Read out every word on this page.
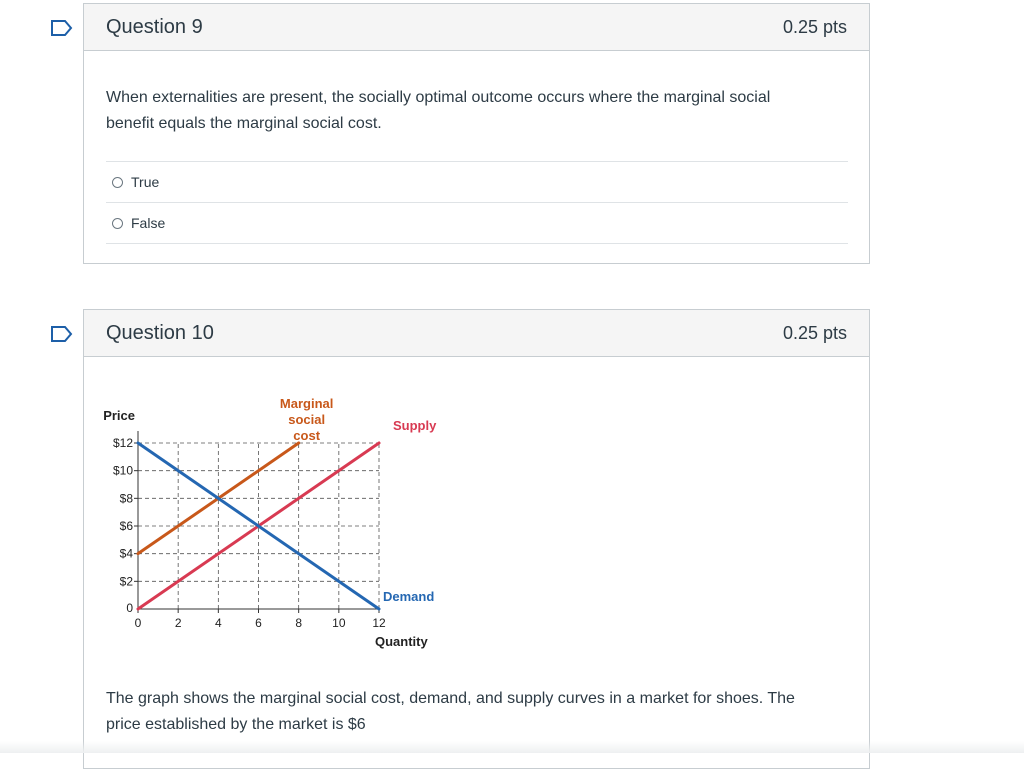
Question 9	0.25 pts
When externalities are present, the socially optimal outcome occurs where the marginal social
benefit equals the marginal social cost.
True
False
Question 10	0.25 pts
0	2	4	6	8	10 12
$2
$4
$6
$8
$10
$12
0
Price
Quantity
Marginal
social
cost
Supply
Demand
The graph shows the marginal social cost, demand, and supply curves in a market for shoes. The
price established by the market is $6
